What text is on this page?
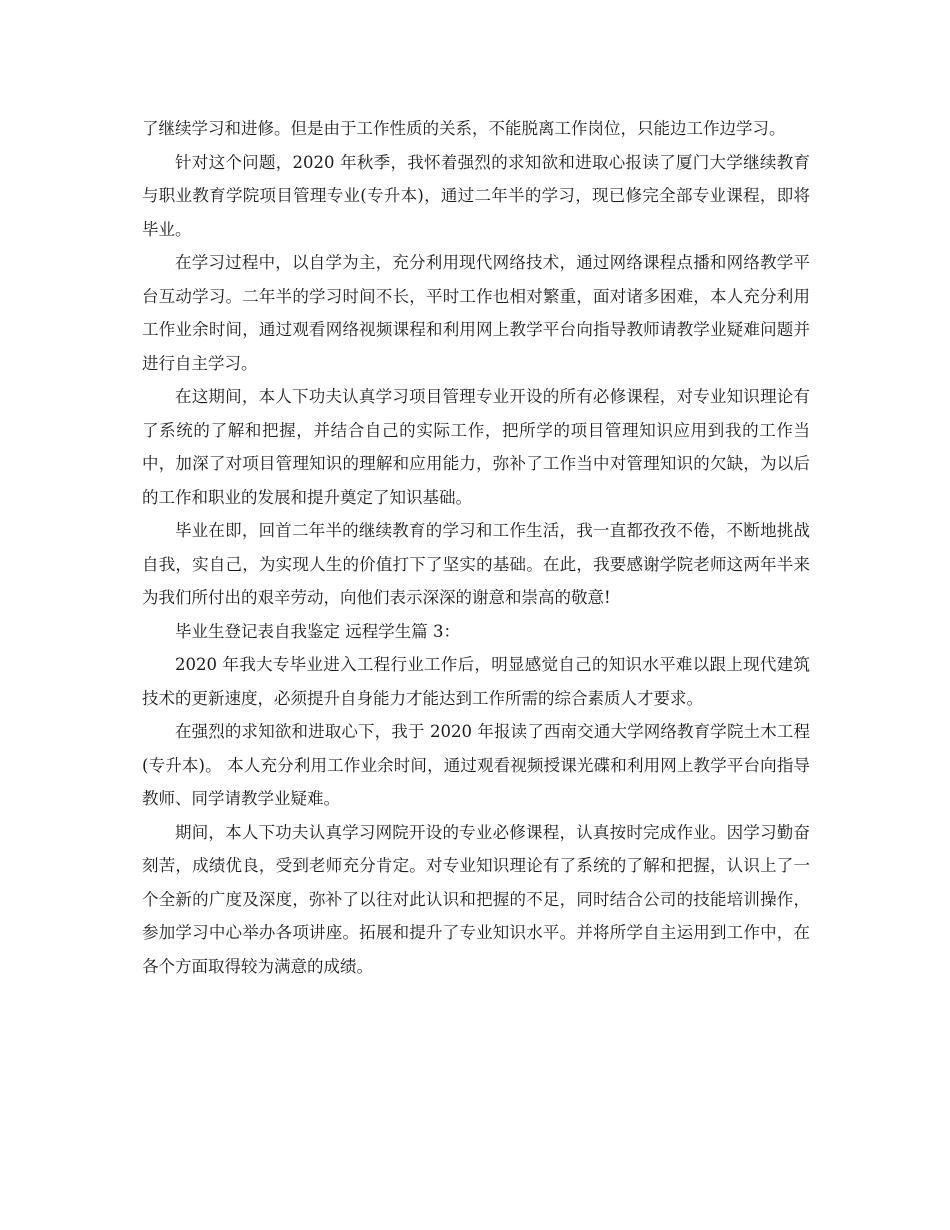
了继续学习和进修。但是由于工作性质的关系，不能脱离工作岗位，只能边工作边学习。

针对这个问题，2020 年秋季，我怀着强烈的求知欲和进取心报读了厦门大学继续教育与职业教育学院项目管理专业(专升本)，通过二年半的学习，现已修完全部专业课程，即将毕业。

在学习过程中，以自学为主，充分利用现代网络技术，通过网络课程点播和网络教学平台互动学习。二年半的学习时间不长，平时工作也相对繁重，面对诸多困难，本人充分利用工作业余时间，通过观看网络视频课程和利用网上教学平台向指导教师请教学业疑难问题并进行自主学习。

在这期间，本人下功夫认真学习项目管理专业开设的所有必修课程，对专业知识理论有了系统的了解和把握，并结合自己的实际工作，把所学的项目管理知识应用到我的工作当中，加深了对项目管理知识的理解和应用能力，弥补了工作当中对管理知识的欠缺，为以后的工作和职业的发展和提升奠定了知识基础。

毕业在即，回首二年半的继续教育的学习和工作生活，我一直都孜孜不倦，不断地挑战自我，实自己，为实现人生的价值打下了坚实的基础。在此，我要感谢学院老师这两年半来为我们所付出的艰辛劳动，向他们表示深深的谢意和崇高的敬意!

毕业生登记表自我鉴定 远程学生篇 3：

2020 年我大专毕业进入工程行业工作后，明显感觉自己的知识水平难以跟上现代建筑技术的更新速度，必须提升自身能力才能达到工作所需的综合素质人才要求。

在强烈的求知欲和进取心下，我于 2020 年报读了西南交通大学网络教育学院土木工程(专升本)。 本人充分利用工作业余时间，通过观看视频授课光碟和利用网上教学平台向指导教师、同学请教学业疑难。

期间，本人下功夫认真学习网院开设的专业必修课程，认真按时完成作业。因学习勤奋刻苦，成绩优良，受到老师充分肯定。对专业知识理论有了系统的了解和把握，认识上了一个全新的广度及深度，弥补了以往对此认识和把握的不足，同时结合公司的技能培训操作，参加学习中心举办各项讲座。拓展和提升了专业知识水平。并将所学自主运用到工作中，在各个方面取得较为满意的成绩。
